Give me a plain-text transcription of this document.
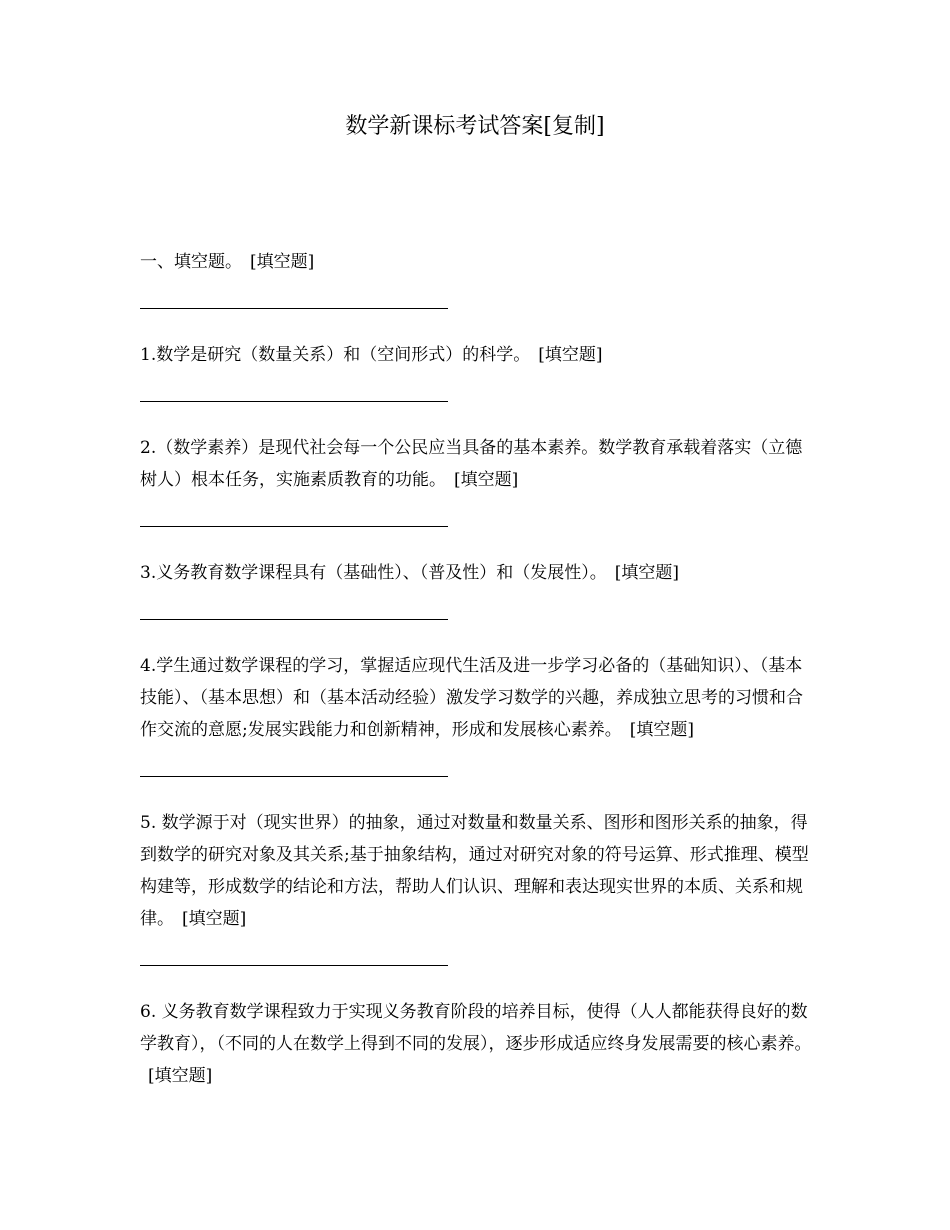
数学新课标考试答案[复制]

一、填空题。 [填空题]

1.数学是研究（数量关系）和（空间形式）的科学。 [填空题]

2.（数学素养）是现代社会每一个公民应当具备的基本素养。数学教育承载着落实（立德树人）根本任务，实施素质教育的功能。 [填空题]

3.义务教育数学课程具有（基础性）、（普及性）和（发展性）。 [填空题]

4.学生通过数学课程的学习，掌握适应现代生活及进一步学习必备的（基础知识）、（基本技能）、（基本思想）和（基本活动经验）激发学习数学的兴趣，养成独立思考的习惯和合作交流的意愿;发展实践能力和创新精神，形成和发展核心素养。 [填空题]

5. 数学源于对（现实世界）的抽象，通过对数量和数量关系、图形和图形关系的抽象，得到数学的研究对象及其关系;基于抽象结构，通过对研究对象的符号运算、形式推理、模型构建等，形成数学的结论和方法，帮助人们认识、理解和表达现实世界的本质、关系和规律。 [填空题]

6. 义务教育数学课程致力于实现义务教育阶段的培养目标，使得（人人都能获得良好的数学教育），（不同的人在数学上得到不同的发展），逐步形成适应终身发展需要的核心素养。[填空题]
